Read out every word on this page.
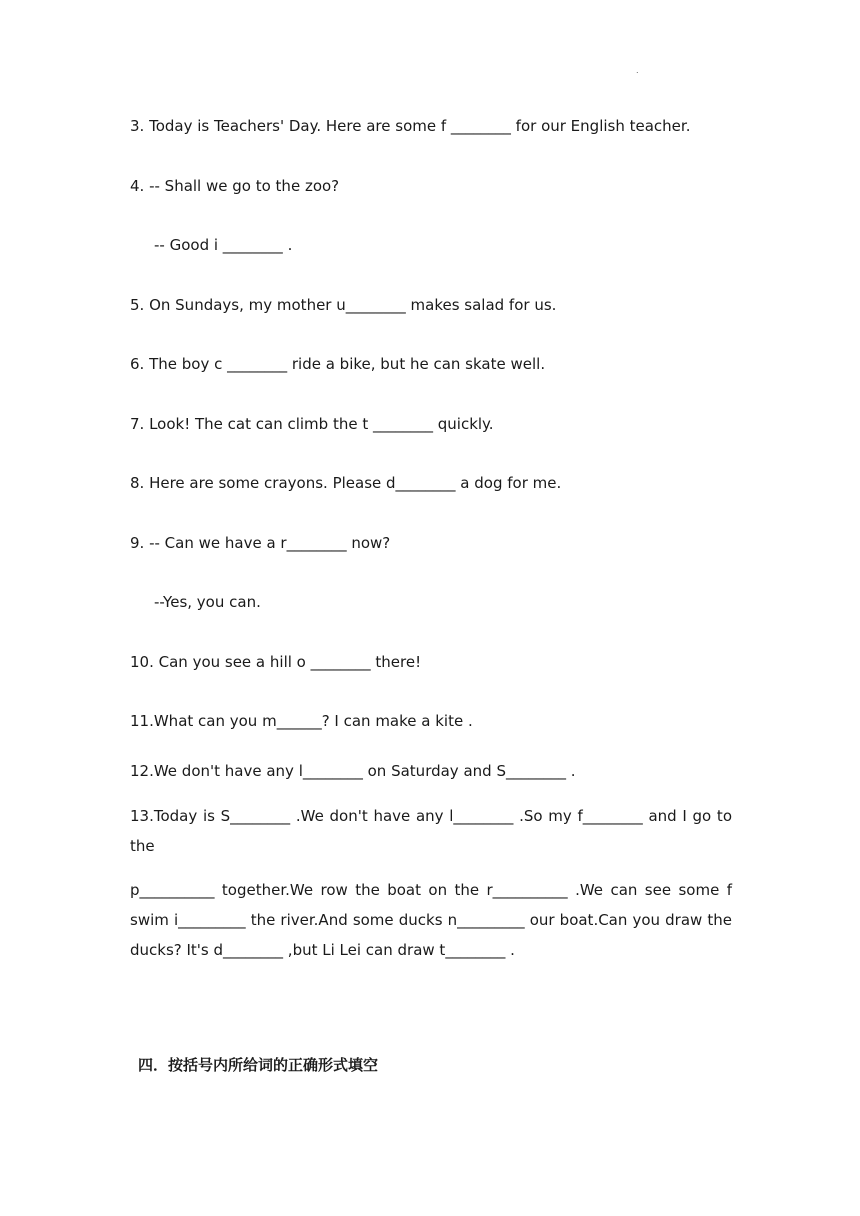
.
3. Today is Teachers' Day. Here are some f ________ for our English teacher.
4. -- Shall we go to the zoo?
-- Good i ________ .
5. On Sundays, my mother u________ makes salad for us.
6. The boy c ________ ride a bike, but he can skate well.
7. Look! The cat can climb the t ________ quickly.
8. Here are some crayons. Please d________ a dog for me.
9. -- Can we have a r________ now?
--Yes, you can.
10. Can you see a hill o ________ there!
11.What can you m______? I can make a kite .
12.We don't have any l________ on Saturday and S________ .
13.Today is S________ .We don't have any l________ .So my f________ and I go to the
p__________ together.We row the boat on the r__________ .We can see some f swim i_________ the river.And some ducks n_________ our boat.Can you draw the ducks? It's d________ ,but Li Lei can draw t________ .
四．按括号内所给词的正确形式填空
